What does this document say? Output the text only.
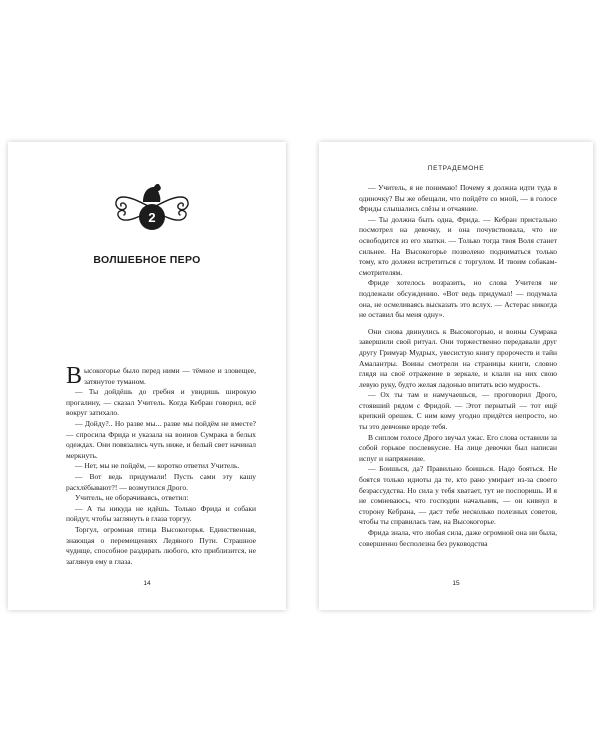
2
ВОЛШЕБНОЕ ПЕРО

Высокогорье было перед ними — тёмное и зловещее, затянутое туманом.

— Ты дойдёшь до гребня и увидишь широкую прогалину, — сказал Учитель. Когда Кебран говорил, всё вокруг затихало.

— Дойду?.. Но разве мы... разве мы пойдём не вместе? — спросила Фрида и указала на воинов Сумрака в белых одеждах. Они повязались чуть ниже, и белый свет начинал меркнуть.

— Нет, мы не пойдём, — коротко ответил Учитель.

— Вот ведь придумали! Пусть сами эту кашу расхлёбывают?! — возмутился Дрого.

Учитель, не оборачиваясь, ответил:

— А ты никуда не идёшь. Только Фрида и собаки пойдут, чтобы заглянуть в глаза торгуу.

Торгул, огромная птица Высокогорья. Единственная, знающая о перемещениях Ледяного Пути. Страшное чудище, способное раздирать любого, кто приблизится, не заглянув ему в глаза.

14
ПЕТРАДЕМОНЕ

— Учитель, я не понимаю! Почему я должна идти туда в одиночку? Вы же обещали, что пойдёте со мной, — в голосе Фриды слышались слёзы и отчаяние.

— Ты должна быть одна, Фрида. — Кебран пристально посмотрел на девочку, и она почувствовала, что не освободится из его хватки. — Только тогда твоя Воля станет сильнее. На Высокогорье позволено подниматься только тому, кто должен встретиться с торгулом. И твоим собакам-смотрителям.

Фриде хотелось возразить, но слова Учителя не подлежали обсуждению. «Вот ведь придумал! — подумала она, не осмеливаясь высказать это вслух. — Астерас никогда не оставил бы меня одну».

Они снова двинулись к Высокогорью, и воины Сумрака завершили свой ритуал. Они торжественно передавали друг другу Гримуар Мудрых, увесистую книгу пророчеств и тайн Амалантры. Воины смотрели на страницы книги, словно глядя на своё отражение в зеркале, и клали на них свою левую руку, будто желая ладонью впитать всю мудрость.

— Ох ты там и намучаешься, — проговорил Дрого, стоявший рядом с Фридой. — Этот пернатый — тот ещё крепкий орешек. С ним кому угодно придётся непросто, но ты это девчонке вроде тебя.

В сиплом голосе Дрого звучал ужас. Его слова оставили за собой горькое послевкусие. На лице девочки был написан испуг и напряжение.

— Боишься, да? Правильно боишься. Надо бояться. Не боятся только идиоты да те, кто рано умирает из-за своего безрассудства. Но сила у тебя хватает, тут не поспоришь. И я не сомневаюсь, что господин начальник, — он кивнул в сторону Кебрана, — даст тебе несколько полезных советов, чтобы ты справилась там, на Высокогорье.

Фрида знала, что любая сила, даже огромной она ни была, совершенно бесполезна без руководства

15
